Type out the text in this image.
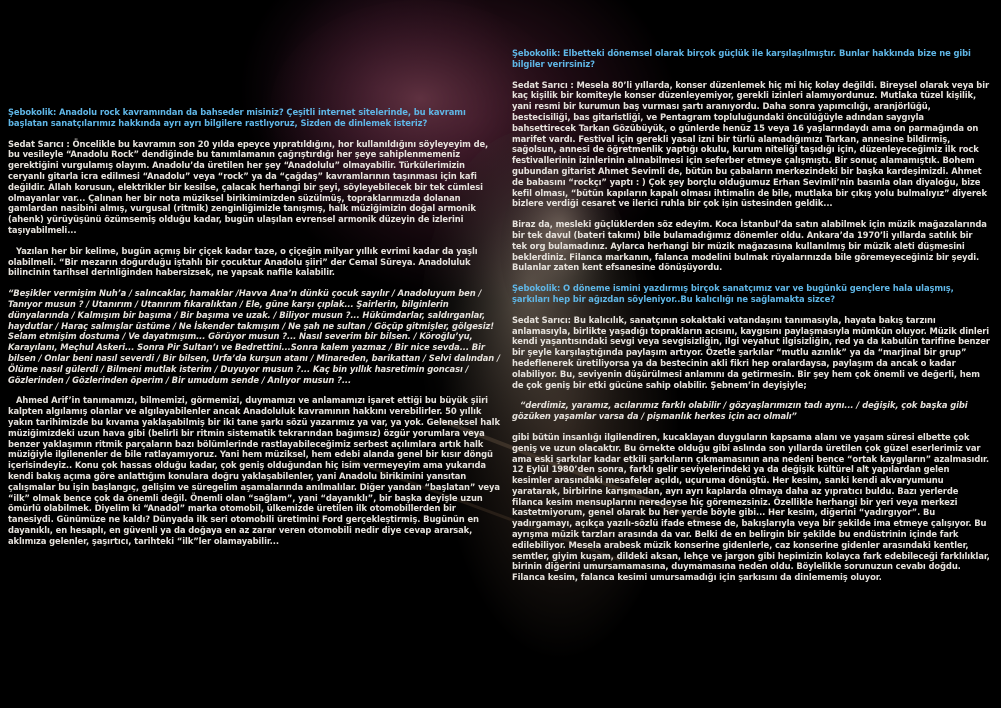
Şebokolik: Anadolu rock kavramından da bahseder misiniz? Çeşitli internet sitelerinde, bu kavramı başlatan sanatçılarımız hakkında ayrı ayrı bilgilere rastlıyoruz, Sizden de dinlemek isteriz?

Sedat Sarıcı : Öncelikle bu kavramın son 20 yılda epeyce yıpratıldığını, hor kullanıldığını söyleyeyim de, bu vesileyle “Anadolu Rock” dendiğinde bu tanımlamanın çağrıştırdığı her şeye sahiplenmemeniz gerektiğini vurgulamış olayım. Anadolu’da üretilen her şey “Anadolulu” olmayabilir. Türkülerimizin ceryanlı gitarla icra edilmesi “Anadolu” veya “rock” ya da “çağdaş” kavramlarının taşınması için kafi değildir. Allah korusun, elektrikler bir kesilse, çalacak herhangi bir şeyi, söyleyebilecek bir tek cümlesi olmayanlar var... Çalınan her bir nota müziksel birikimimizden süzülmüş, topraklarımızda dolanan gamlardan nasibini almış, vurgusal (ritmik) zenginliğimizle tanışmış, halk müziğimizin doğal armonik (ahenk) yürüyüşünü özümsemiş olduğu kadar, bugün ulaşılan evrensel armonik düzeyin de izlerini taşıyabilmeli...

Yazılan her bir kelime, bugün açmış bir çiçek kadar taze, o çiçeğin milyar yıllık evrimi kadar da yaşlı olabilmeli. “Bir mezarın doğurduğu iştahlı bir çocuktur Anadolu şiiri” der Cemal Süreya. Anadoluluk bilincinin tarihsel derinliğinden habersizsek, ne yapsak nafile kalabilir.

“Beşikler vermişim Nuh’a / salıncaklar, hamaklar /Havva Ana’n dünkü çocuk sayılır / Anadoluyum ben / Tanıyor musun ? / Utanırım / Utanırım fıkaralıktan / Ele, güne karşı çıplak... Şairlerin, bilginlerin dünyalarında / Kalmışım bir başıma / Bir başıma ve uzak. / Biliyor musun ?... Hükümdarlar, saldırganlar, haydutlar / Haraç salmışlar üstüme / Ne İskender takmışım / Ne şah ne sultan / Göçüp gitmişler, gölgesiz! Selam etmişim dostuma / Ve dayatmışım... Görüyor musun ?... Nasıl severim bir bilsen. / Köroğlu’yu, Karayılanı, Meçhul Askeri... Sonra Pir Sultan’ı ve Bedrettini...Sonra kalem yazmaz / Bir nice sevda... Bir bilsen / Onlar beni nasıl severdi / Bir bilsen, Urfa’da kurşun atanı / Minareden, barikattan / Selvi dalından / Ölüme nasıl gülerdi / Bilmeni mutlak isterim / Duyuyor musun ?... Kaç bin yıllık hasretimin goncası / Gözlerinden / Gözlerinden öperim / Bir umudum sende / Anlıyor musun ?...

Ahmed Arif’in tanımamızı, bilmemizi, görmemizi, duymamızı ve anlamamızı işaret ettiği bu büyük şiiri kalpten algılamış olanlar ve algılayabilenler ancak Anadoluluk kavramının hakkını verebilirler. 50 yıllık yakın tarihimizde bu kıvama yaklaşabilmiş bir iki tane şarkı sözü yazarımız ya var, ya yok. Geleneksel halk müziğimizdeki uzun hava gibi (belirli bir ritmin sistematik tekrarından bağımsız) özgür yorumlara veya benzer yaklaşımın ritmik parçaların bazı bölümlerinde rastlayabileceğimiz serbest açılımlara artık halk müziğiyle ilgilenenler de bile ratlayamıyoruz. Yani hem müziksel, hem edebi alanda genel bir kısır döngü içerisindeyiz.. Konu çok hassas olduğu kadar, çok geniş olduğundan hiç isim vermeyeyim ama yukarıda kendi bakış açıma göre anlattığım konulara doğru yaklaşabilenler, yani Anadolu birikimini yansıtan çalışmalar bu işin başlangıç, gelişim ve süregelim aşamalarında anılmalılar. Diğer yandan “başlatan” veya “ilk” olmak bence çok da önemli değil. Önemli olan “sağlam”, yani “dayanıklı”, bir başka deyişle uzun ömürlü olabilmek. Diyelim ki “Anadol” marka otomobil, ülkemizde üretilen ilk otomobillerden bir tanesiydi. Günümüze ne kaldı? Dünyada ilk seri otomobili üretimini Ford gerçekleştirmiş. Bugünün en dayanıklı, en hesaplı, en güvenli ya da doğaya en az zarar veren otomobili nedir diye cevap ararsak, aklımıza gelenler, şaşırtıcı, tarihteki “ilk”ler olamayabilir...

Şebokolik: Elbetteki dönemsel olarak birçok güçlük ile karşılaşılmıştır. Bunlar hakkında bize ne gibi bilgiler verirsiniz?

Sedat Sarıcı : Mesela 80’li yıllarda, konser düzenlemek hiç mi hiç kolay değildi. Bireysel olarak veya bir kaç kişilik bir komiteyle konser düzenleyemiyor, gerekli izinleri alamıyordunuz. Mutlaka tüzel kişilik, yani resmi bir kurumun baş vurması şartı aranıyordu. Daha sonra yapımcılığı, aranjörlüğü, bestecisiliği, bas gitaristliği, ve Pentagram topluluğundaki öncülüğüyle adından saygıyla bahsettirecek Tarkan Gözübüyük, o günlerde henüz 15 veya 16 yaşlarındaydı ama on parmağında on marifet vardı. Festival için gerekli yasal izni bir türlü alamadığımızı Tarkan, annesine bildirmiş, sağolsun, annesi de öğretmenlik yaptığı okulu, kurum niteliği taşıdığı için, düzenleyeceğimiz ilk rock festivallerinin izinlerinin alınabilmesi için seferber etmeye çalışmıştı. Bir sonuç alamamıştık. Bohem gubundan gitarist Ahmet Sevimli de, bütün bu çabaların merkezindeki bir başka kardeşimizdi. Ahmet de babasını “rockçı” yaptı : ) Çok şey borçlu olduğumuz Erhan Sevimli’nin basınla olan diyaloğu, bize kefil olması, “bütün kapıların kapalı olması ihtimalin de bile, mutlaka bir çıkış yolu bulmalıyız” diyerek bizlere verdiği cesaret ve ilerici ruhla bir çok işin üstesinden geldik...

Biraz da, mesleki güçlüklerden söz edeyim. Koca İstanbul’da satın alabilmek için müzik mağazalarında bir tek davul (bateri takımı) bile bulamadığımız dönemler oldu. Ankara’da 1970’li yıllarda satılık bir tek org bulamadınız. Aylarca herhangi bir müzik mağazasına kullanılmış bir müzik aleti düşmesini beklerdiniz. Filanca markanın, falanca modelini bulmak rüyalarınızda bile göremeyeceğiniz bir şeydi. Bulanlar zaten kent efsanesine dönüşüyordu.

Şebokolik: O döneme ismini yazdırmış birçok sanatçımız var ve bugünkü gençlere hala ulaşmış, şarkıları hep bir ağızdan söyleniyor..Bu kalıcılığı ne sağlamakta sizce?

Sedat Sarıcı: Bu kalıcılık, sanatçının sokaktaki vatandaşını tanımasıyla, hayata bakış tarzını anlamasıyla, birlikte yaşadığı toprakların acısını, kaygısını paylaşmasıyla mümkün oluyor. Müzik dinleri kendi yaşantısındaki sevgi veya sevgisizliğin, ilgi veyahut ilgisizliğin, red ya da kabulün tarifine benzer bir şeyle karşılaştığında paylaşım artıyor. Özetle şarkılar “mutlu azınlık” ya da “marjinal bir grup” hedeflenerek üretiliyorsa ya da bestecinin akli fikri hep oralardaysa, paylaşım da ancak o kadar olabiliyor. Bu, seviyenin düşürülmesi anlamını da getirmesin. Bir şey hem çok önemli ve değerli, hem de çok geniş bir etki gücüne sahip olabilir. Şebnem’in deyişiyle;

“derdimiz, yaramız, acılarımız farklı olabilir / gözyaşlarımızın tadı aynı... / değişik, çok başka gibi gözüken yaşamlar varsa da / pişmanlık herkes için acı olmalı”

gibi bütün insanlığı ilgilendiren, kucaklayan duyguların kapsama alanı ve yaşam süresi elbette çok geniş ve uzun olacaktır. Bu örnekte olduğu gibi aslında son yıllarda üretilen çok güzel eserlerimiz var ama eski şarkılar kadar etkili şarkıların çıkmamasının ana nedeni bence “ortak kaygıların” azalmasıdır.

12 Eylül 1980’den sonra, farklı gelir seviyelerindeki ya da değişik kültürel alt yapılardan gelen kesimler arasındaki mesafeler açıldı, uçuruma dönüştü. Her kesim, sanki kendi akvaryumunu yaratarak, birbirine karışmadan, ayrı ayrı kaplarda olmaya daha az yıpratıcı buldu. Bazı yerlerde filanca kesim mensuplarını neredeyse hiç göremezsiniz. Özellikle herhangi bir yeri veya merkezi kastetmiyorum, genel olarak bu her yerde böyle gibi... Her kesim, diğerini “yadırgıyor”. Bu yadırgamayı, açıkça yazılı-sözlü ifade etmese de, bakışlarıyla veya bir şekilde ima etmeye çalışıyor. Bu ayrışma müzik tarzları arasında da var. Belki de en belirgin bir şekilde bu endüstrinin içinde fark edilebiliyor. Mesela arabesk müzik konserine gidenlerle, caz konserine gidenler arasındaki kentler, semtler, giyim kuşam, dildeki aksan, lehçe ve jargon gibi hepimizin kolayca fark edebileceği farklılıklar, birinin diğerini umursamamasına, duymamasına neden oldu. Böylelikle sorunuzun cevabı doğdu. Filanca kesim, falanca kesimi umursamadığı için şarkısını da dinlememiş oluyor.
